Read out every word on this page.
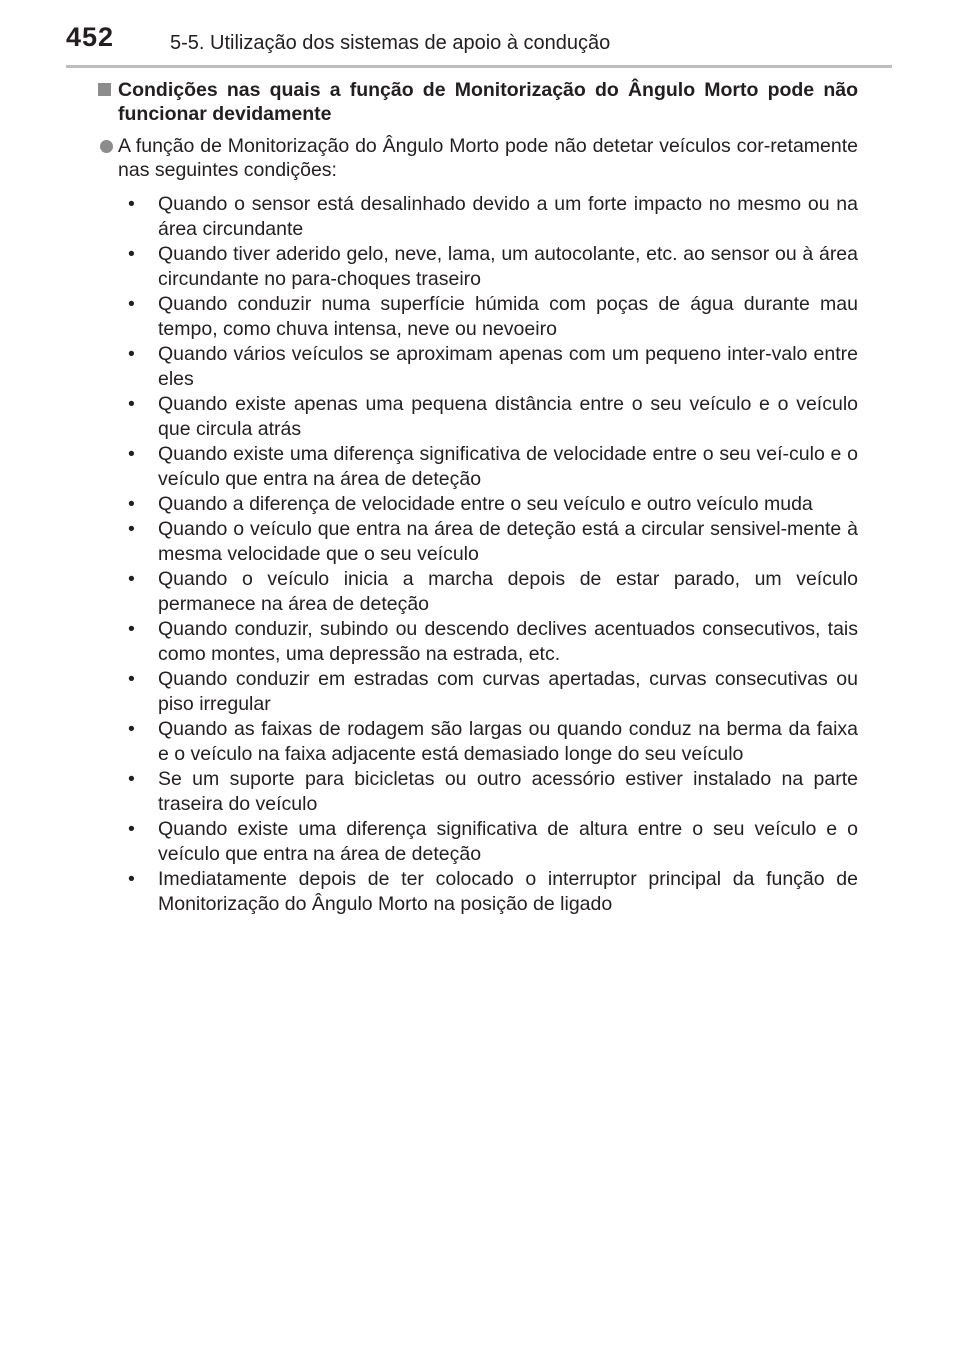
452	5-5. Utilização dos sistemas de apoio à condução
Condições nas quais a função de Monitorização do Ângulo Morto pode não funcionar devidamente
A função de Monitorização do Ângulo Morto pode não detetar veículos cor-retamente nas seguintes condições:
• Quando o sensor está desalinhado devido a um forte impacto no mesmo ou na área circundante
• Quando tiver aderido gelo, neve, lama, um autocolante, etc. ao sensor ou à área circundante no para-choques traseiro
• Quando conduzir numa superfície húmida com poças de água durante mau tempo, como chuva intensa, neve ou nevoeiro
• Quando vários veículos se aproximam apenas com um pequeno inter-valo entre eles
• Quando existe apenas uma pequena distância entre o seu veículo e o veículo que circula atrás
• Quando existe uma diferença significativa de velocidade entre o seu veí-culo e o veículo que entra na área de deteção
• Quando a diferença de velocidade entre o seu veículo e outro veículo muda
• Quando o veículo que entra na área de deteção está a circular sensivel-mente à mesma velocidade que o seu veículo
• Quando o veículo inicia a marcha depois de estar parado, um veículo permanece na área de deteção
• Quando conduzir, subindo ou descendo declives acentuados consecutivos, tais como montes, uma depressão na estrada, etc.
• Quando conduzir em estradas com curvas apertadas, curvas consecutivas ou piso irregular
• Quando as faixas de rodagem são largas ou quando conduz na berma da faixa e o veículo na faixa adjacente está demasiado longe do seu veículo
• Se um suporte para bicicletas ou outro acessório estiver instalado na parte traseira do veículo
• Quando existe uma diferença significativa de altura entre o seu veículo e o veículo que entra na área de deteção
• Imediatamente depois de ter colocado o interruptor principal da função de Monitorização do Ângulo Morto na posição de ligado
